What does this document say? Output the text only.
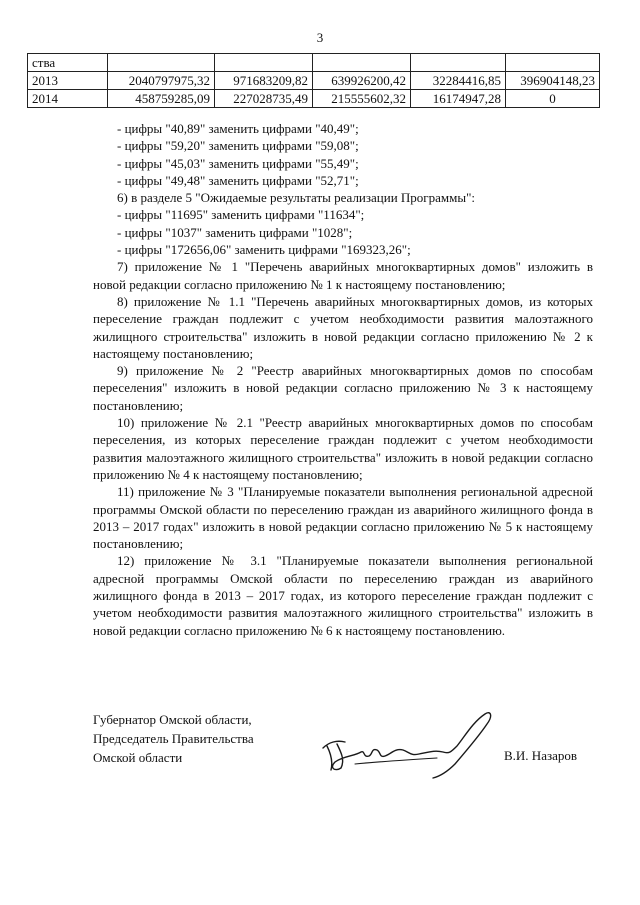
3
ства					
2013	2040797975,32	971683209,82	639926200,42	32284416,85	396904148,23
2014	458759285,09	227028735,49	215555602,32	16174947,28	0

- цифры "40,89" заменить цифрами "40,49";

- цифры "59,20" заменить цифрами "59,08";

- цифры "45,03" заменить цифрами "55,49";

- цифры "49,48" заменить цифрами "52,71";

6) в разделе 5 "Ожидаемые результаты реализации Программы":

- цифры "11695" заменить цифрами "11634";

- цифры "1037" заменить цифрами "1028";

- цифры "172656,06" заменить цифрами "169323,26";

7) приложение № 1 "Перечень аварийных многоквартирных домов" изложить в новой редакции согласно приложению № 1 к настоящему постановлению;

8) приложение № 1.1 "Перечень аварийных многоквартирных домов, из которых переселение граждан подлежит с учетом необходимости развития малоэтажного жилищного строительства" изложить в новой редакции согласно приложению № 2 к настоящему постановлению;

9) приложение № 2 "Реестр аварийных многоквартирных домов по способам переселения" изложить в новой редакции согласно приложению № 3 к настоящему постановлению;

10) приложение № 2.1 "Реестр аварийных многоквартирных домов по способам переселения, из которых переселение граждан подлежит с учетом необходимости развития малоэтажного жилищного строительства" изложить в новой редакции согласно приложению № 4 к настоящему постановлению;

11) приложение № 3 "Планируемые показатели выполнения региональной адресной программы Омской области по переселению граждан из аварийного жилищного фонда в 2013 – 2017 годах" изложить в новой редакции согласно приложению № 5 к настоящему постановлению;

12) приложение № 3.1 "Планируемые показатели выполнения региональной адресной программы Омской области по переселению граждан из аварийного жилищного фонда в 2013 – 2017 годах, из которого переселение граждан подлежит с учетом необходимости развития малоэтажного жилищного строительства" изложить в новой редакции согласно приложению № 6 к настоящему постановлению.

Губернатор Омской области,
Председатель Правительства
Омской области	В.И. Назаров
